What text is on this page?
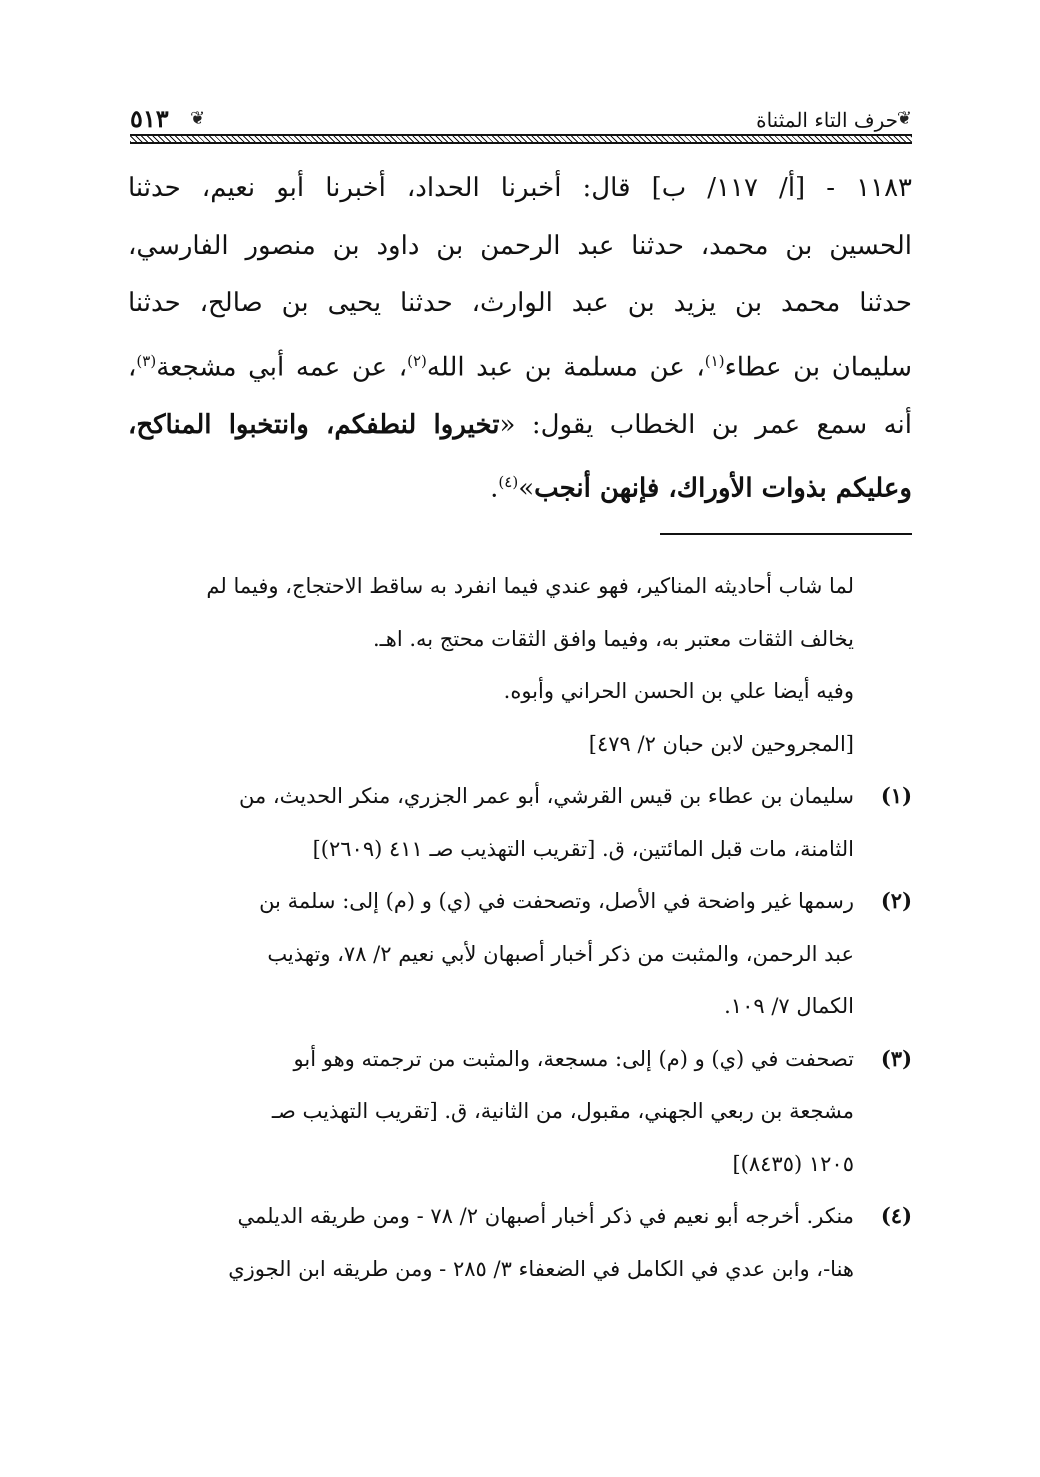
٥١٣ ❦	حرف التاء المثناة
❦
١١٨٣ - [أ/ ١١٧/ ب] قال: أخبرنا الحداد، أخبرنا أبو نعيم، حدثنا
الحسين بن محمد، حدثنا عبد الرحمن بن داود بن منصور الفارسي،
حدثنا محمد بن يزيد بن عبد الوارث، حدثنا يحيى بن صالح، حدثنا
سليمان بن عطاء$^{(١)}$، عن مسلمة بن عبد الله$^{(٢)}$، عن عمه أبي مشجعة$^{(٣)}$،
أنه سمع عمر بن الخطاب يقول: «تخيروا لنطفكم، وانتخبوا المناكح،
وعليكم بذوات الأوراك، فإنهن أنجب»$^{(٤)}$.
لما شاب أحاديثه المناكير، فهو عندي فيما انفرد به ساقط الاحتجاج، وفيما لم
يخالف الثقات معتبر به، وفيما وافق الثقات محتج به. اهـ.
وفيه أيضا علي بن الحسن الحراني وأبوه.
[المجروحين لابن حبان ٢/ ٤٧٩]
(١)
سليمان بن عطاء بن قيس القرشي، أبو عمر الجزري، منكر الحديث، من
الثامنة، مات قبل المائتين، ق. [تقريب التهذيب صـ ٤١١ (٢٦٠٩)]
(٢)
رسمها غير واضحة في الأصل، وتصحفت في (ي) و (م) إلى: سلمة بن
عبد الرحمن، والمثبت من ذكر أخبار أصبهان لأبي نعيم ٢/ ٧٨، وتهذيب
الكمال ٧/ ١٠٩.
(٣)
تصحفت في (ي) و (م) إلى: مسجعة، والمثبت من ترجمته وهو أبو
مشجعة بن ربعي الجهني، مقبول، من الثانية، ق. [تقريب التهذيب صـ
١٢٠٥ (٨٤٣٥)]
(٤)
منكر. أخرجه أبو نعيم في ذكر أخبار أصبهان ٢/ ٧٨ - ومن طريقه الديلمي
هنا-، وابن عدي في الكامل في الضعفاء ٣/ ٢٨٥ - ومن طريقه ابن الجوزي
